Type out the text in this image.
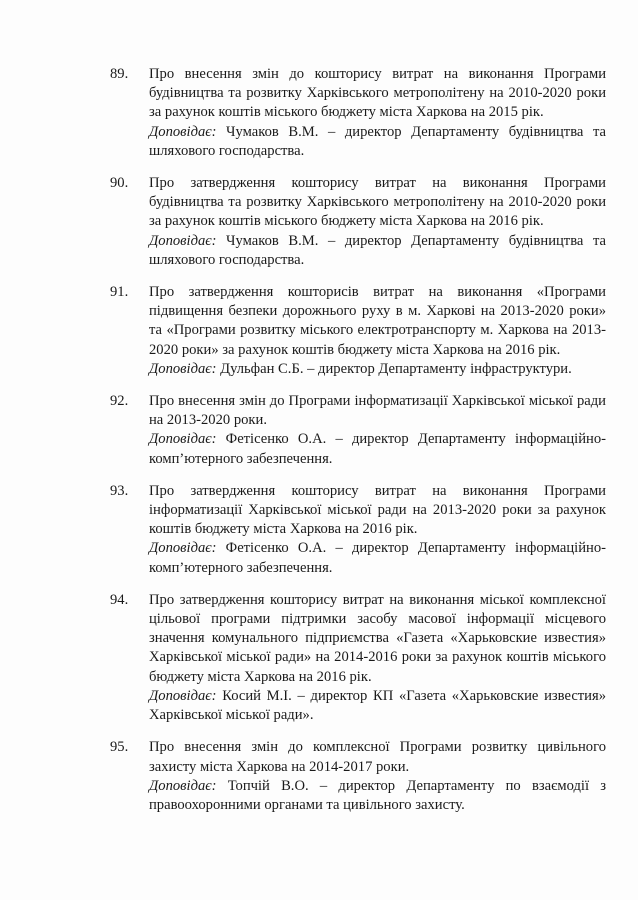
89. Про внесення змін до кошторису витрат на виконання Програми будівництва та розвитку Харківського метрополітену на 2010-2020 роки за рахунок коштів міського бюджету міста Харкова на 2015 рік.

Доповідає: Чумаков В.М. – директор Департаменту будівництва та шляхового господарства.

90. Про затвердження кошторису витрат на виконання Програми будівництва та розвитку Харківського метрополітену на 2010-2020 роки за рахунок коштів міського бюджету міста Харкова на 2016 рік.

Доповідає: Чумаков В.М. – директор Департаменту будівництва та шляхового господарства.

91. Про затвердження кошторисів витрат на виконання «Програми підвищення безпеки дорожнього руху в м. Харкові на 2013-2020 роки» та «Програми розвитку міського електротранспорту м. Харкова на 2013-2020 роки» за рахунок коштів бюджету міста Харкова на 2016 рік.

Доповідає: Дульфан С.Б. – директор Департаменту інфраструктури.

92. Про внесення змін до Програми інформатизації Харківської міської ради на 2013-2020 роки.

Доповідає: Фетісенко О.А. – директор Департаменту інформаційно-комп’ютерного забезпечення.

93. Про затвердження кошторису витрат на виконання Програми інформатизації Харківської міської ради на 2013-2020 роки за рахунок коштів бюджету міста Харкова на 2016 рік.

Доповідає: Фетісенко О.А. – директор Департаменту інформаційно-комп’ютерного забезпечення.

94. Про затвердження кошторису витрат на виконання міської комплексної цільової програми підтримки засобу масової інформації місцевого значення комунального підприємства «Газета «Харьковские известия» Харківської міської ради» на 2014-2016 роки за рахунок коштів міського бюджету міста Харкова на 2016 рік.

Доповідає: Косий М.І. – директор КП «Газета «Харьковские известия» Харківської міської ради».

95. Про внесення змін до комплексної Програми розвитку цивільного захисту міста Харкова на 2014-2017 роки.

Доповідає: Топчій В.О. – директор Департаменту по взаємодії з правоохоронними органами та цивільного захисту.
